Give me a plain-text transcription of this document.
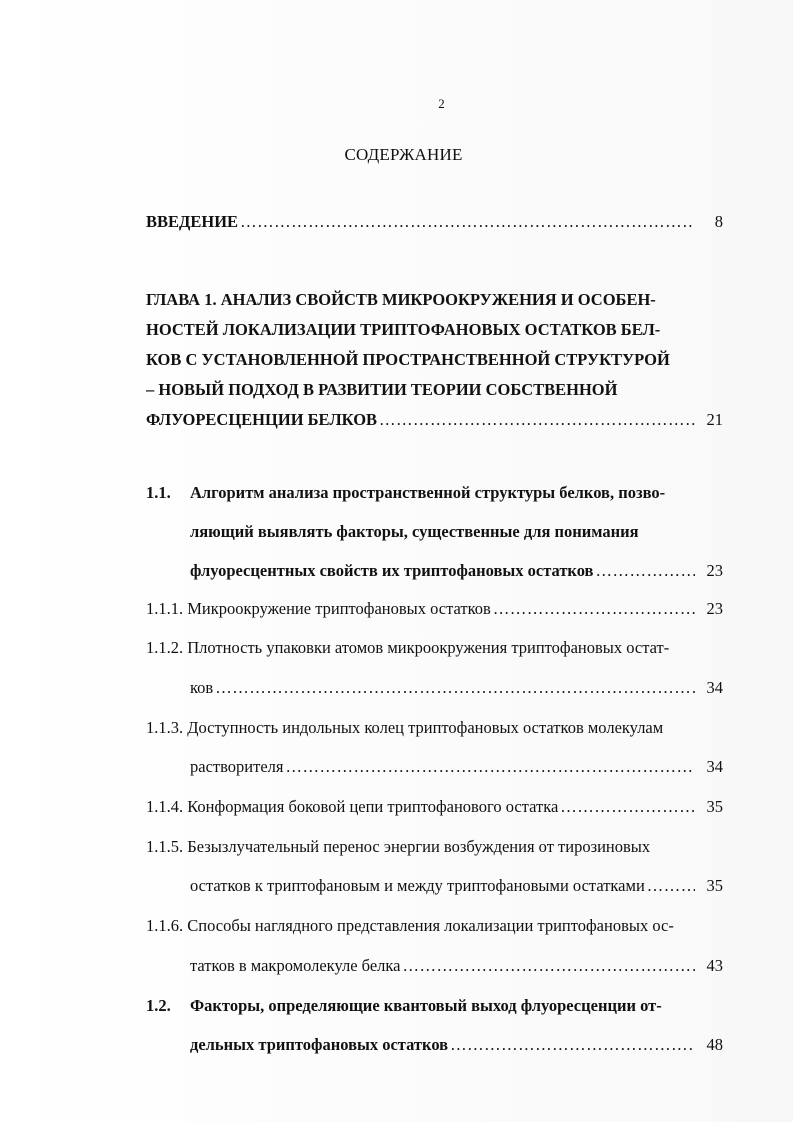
2
СОДЕРЖАНИЕ
ВВЕДЕНИЕ …………………………………………………………………………………………………………………………………………………………	8
ГЛАВА 1. АНАЛИЗ СВОЙСТВ МИКРООКРУЖЕНИЯ И ОСОБЕН-
НОСТЕЙ ЛОКАЛИЗАЦИИ ТРИПТОФАНОВЫХ ОСТАТКОВ БЕЛ-
КОВ С УСТАНОВЛЕННОЙ ПРОСТРАНСТВЕННОЙ СТРУКТУРОЙ
– НОВЫЙ ПОДХОД В РАЗВИТИИ ТЕОРИИ СОБСТВЕННОЙ
ФЛУОРЕСЦЕНЦИИ БЕЛКОВ …………………………………………………………………………………………………………………………………………………………	21
1.1. Алгоритм анализа пространственной структуры белков, позво-
ляющий выявлять факторы, существенные для понимания
флуоресцентных свойств их триптофановых остатков …………………………………………………………………………………………………………………………………………………………	23
1.1.1. Микроокружение триптофановых остатков …………………………………………………………………………………………………………………………………………………………	23
1.1.2. Плотность упаковки атомов микроокружения триптофановых остат-
ков …………………………………………………………………………………………………………………………………………………………	34
1.1.3. Доступность индольных колец триптофановых остатков молекулам
растворителя …………………………………………………………………………………………………………………………………………………………	34
1.1.4. Конформация боковой цепи триптофанового остатка …………………………………………………………………………………………………………………………………………………………	35
1.1.5. Безызлучательный перенос энергии возбуждения от тирозиновых
остатков к триптофановым и между триптофановыми остатками …………………………………………………………………………………………………………………………………………………………	35
1.1.6. Способы наглядного представления локализации триптофановых ос-
татков в макромолекуле белка …………………………………………………………………………………………………………………………………………………………	43
1.2. Факторы, определяющие квантовый выход флуоресценции от-
дельных триптофановых остатков …………………………………………………………………………………………………………………………………………………………	48
